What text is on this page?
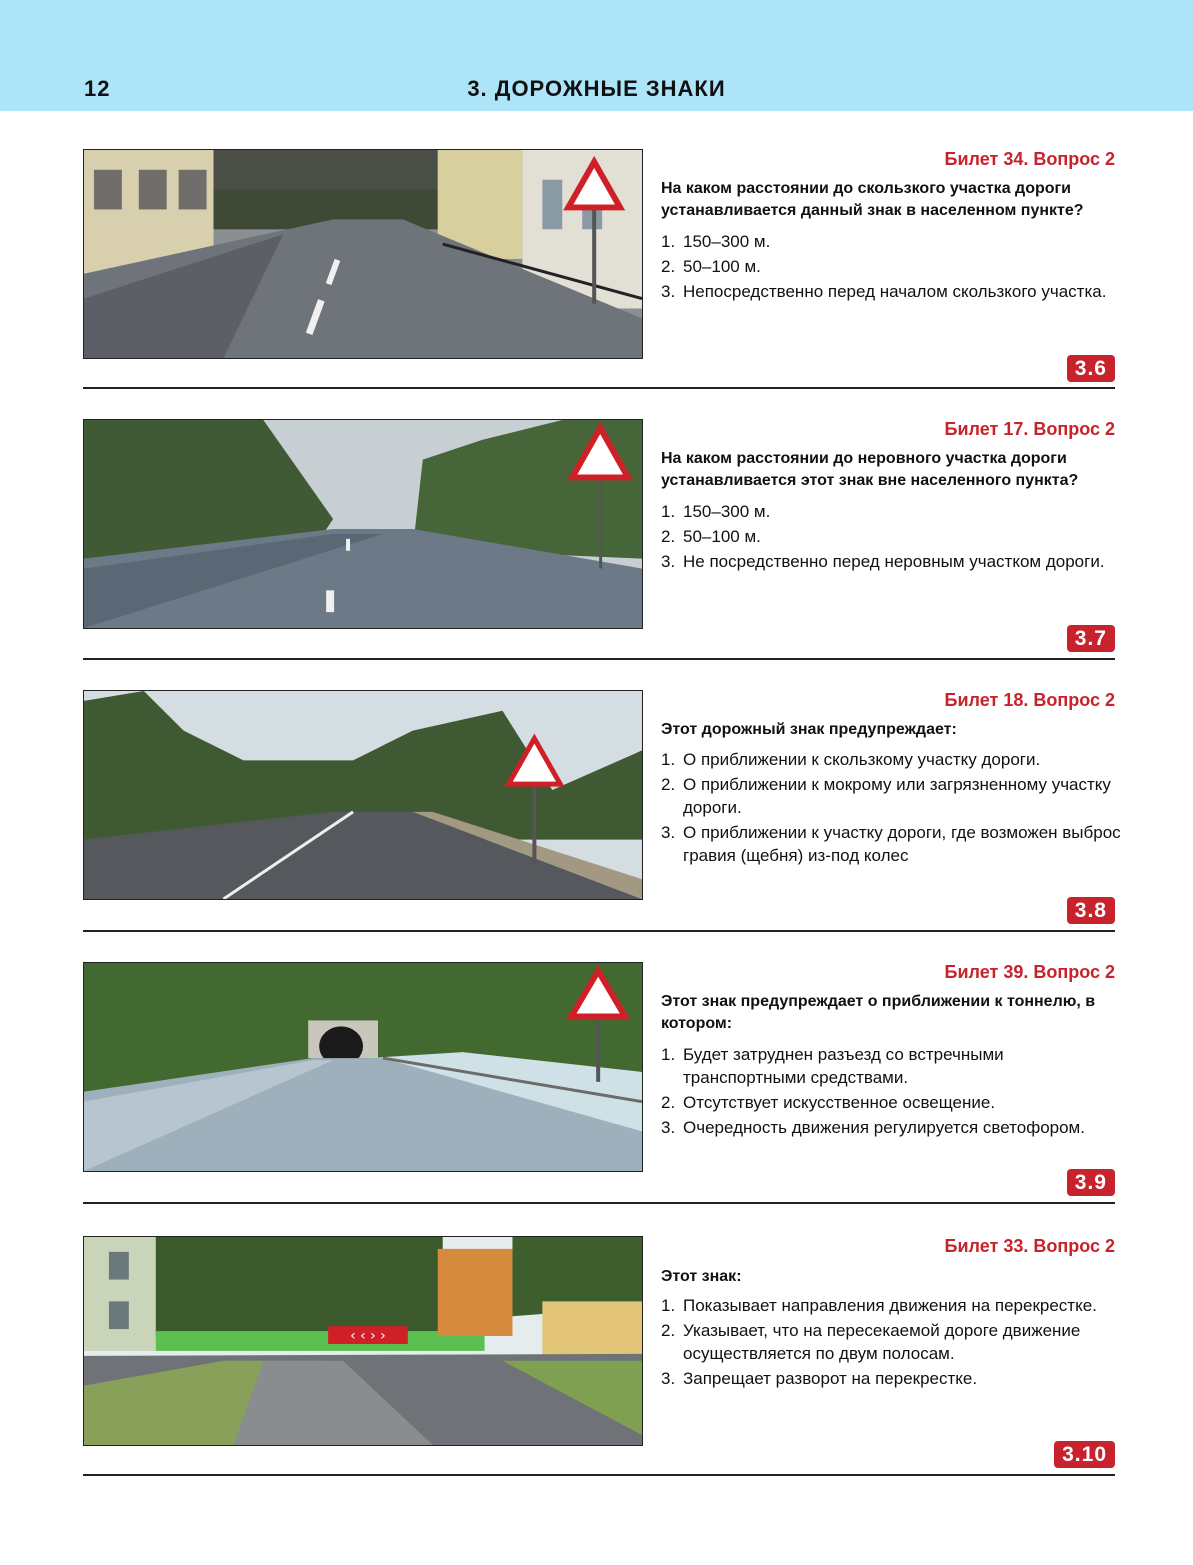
12	3. ДОРОЖНЫЕ ЗНАКИ
Билет 34. Вопрос 2
На каком расстоянии до скользкого участка дороги устанавливается данный знак в населенном пункте?
1. 150–300 м.
2. 50–100 м.
3. Непосредственно перед началом скользкого участка.
3.6
Билет 17. Вопрос 2
На каком расстоянии до неровного участка дороги устанавливается этот знак вне населенного пункта?
1. 150–300 м.
2. 50–100 м.
3. Не посредственно перед неровным участком дороги.
3.7
Билет 18. Вопрос 2
Этот дорожный знак предупреждает:
1. О приближении к скользкому участку дороги.
2. О приближении к мокрому или загрязненному участку дороги.
3. О приближении к участку дороги, где возможен выброс гравия (щебня) из-под колес
3.8
Билет 39. Вопрос 2
Этот знак предупреждает о приближении к тоннелю, в котором:
1. Будет затруднен разъезд со встречными транспортными средствами.
2. Отсутствует искусственное освещение.
3. Очередность движения регулируется светофором.
3.9
‹ ‹ › ›
Билет 33. Вопрос 2
Этот знак:
1. Показывает направления движения на перекрестке.
2. Указывает, что на пересекаемой дороге движение осуществляется по двум полосам.
3. Запрещает разворот на перекрестке.
3.10
